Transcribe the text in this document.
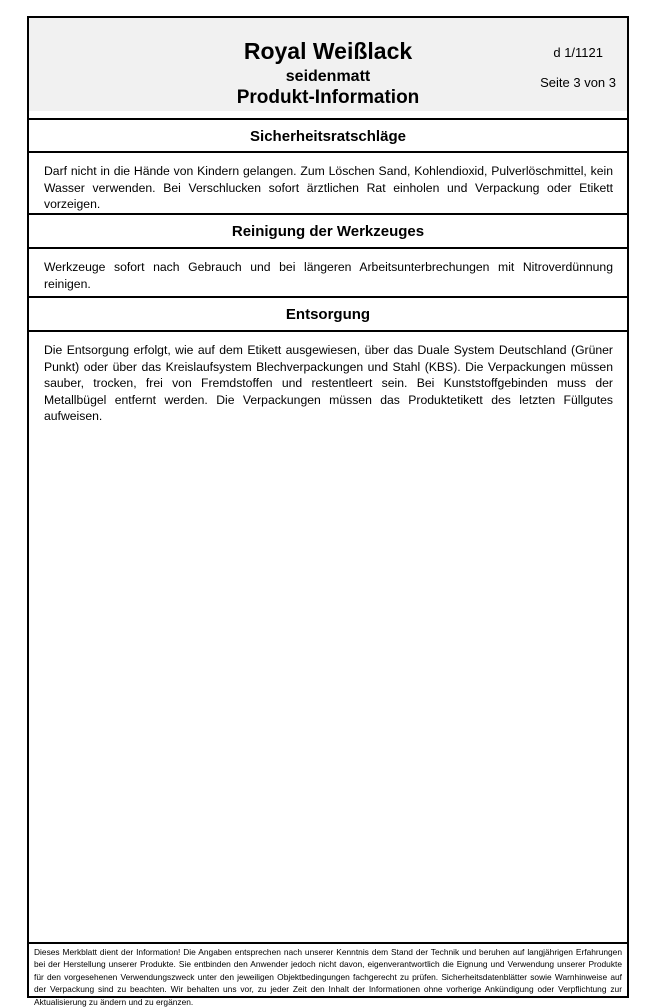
Royal Weißlack
seidenmatt
Produkt-Information
d 1/1121
Seite 3 von 3
Sicherheitsratschläge
Darf nicht in die Hände von Kindern gelangen. Zum Löschen Sand, Kohlendioxid, Pulverlöschmittel, kein Wasser verwenden. Bei Verschlucken sofort ärztlichen Rat einholen und Verpackung oder Etikett vorzeigen.
Reinigung der Werkzeuges
Werkzeuge sofort nach Gebrauch und bei längeren Arbeitsunterbrechungen mit Nitroverdünnung reinigen.
Entsorgung
Die Entsorgung erfolgt, wie auf dem Etikett ausgewiesen, über das Duale System Deutschland (Grüner Punkt) oder über das Kreislaufsystem Blechverpackungen und Stahl (KBS). Die Verpackungen müssen sauber, trocken, frei von Fremdstoffen und restentleert sein. Bei Kunststoffgebinden muss der Metallbügel entfernt werden. Die Verpackungen müssen das Produktetikett des letzten Füllgutes aufweisen.
Dieses Merkblatt dient der Information! Die Angaben entsprechen nach unserer Kenntnis dem Stand der Technik und beruhen auf langjährigen Erfahrungen bei der Herstellung unserer Produkte. Sie entbinden den Anwender jedoch nicht davon, eigenverantwortlich die Eignung und Verwendung unserer Produkte für den vorgesehenen Verwendungszweck unter den jeweiligen Objektbedingungen fachgerecht zu prüfen. Sicherheitsdatenblätter sowie Warnhinweise auf der Verpackung sind zu beachten. Wir behalten uns vor, zu jeder Zeit den Inhalt der Informationen ohne vorherige Ankündigung oder Verpflichtung zur Aktualisierung zu ändern und zu ergänzen.
